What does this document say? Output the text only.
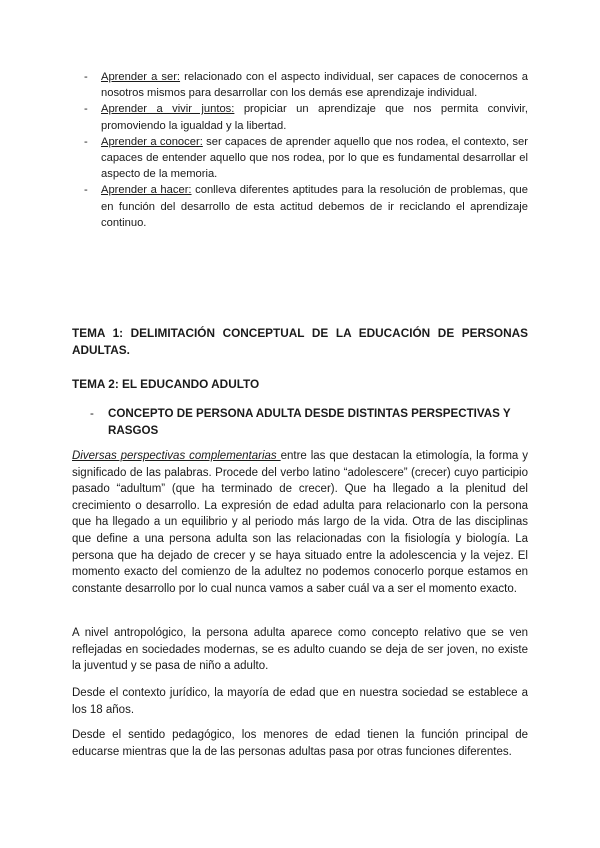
- Aprender a ser: relacionado con el aspecto individual, ser capaces de conocernos a nosotros mismos para desarrollar con los demás ese aprendizaje individual.
- Aprender a vivir juntos: propiciar un aprendizaje que nos permita convivir, promoviendo la igualdad y la libertad.
- Aprender a conocer: ser capaces de aprender aquello que nos rodea, el contexto, ser capaces de entender aquello que nos rodea, por lo que es fundamental desarrollar el aspecto de la memoria.
- Aprender a hacer: conlleva diferentes aptitudes para la resolución de problemas, que en función del desarrollo de esta actitud debemos de ir reciclando el aprendizaje continuo.
TEMA 1: DELIMITACIÓN CONCEPTUAL DE LA EDUCACIÓN DE PERSONAS ADULTAS.
TEMA 2: EL EDUCANDO ADULTO
- CONCEPTO DE PERSONA ADULTA DESDE DISTINTAS PERSPECTIVAS Y RASGOS

Diversas perspectivas complementarias entre las que destacan la etimología, la forma y significado de las palabras. Procede del verbo latino “adolescere” (crecer) cuyo participio pasado “adultum” (que ha terminado de crecer). Que ha llegado a la plenitud del crecimiento o desarrollo. La expresión de edad adulta para relacionarlo con la persona que ha llegado a un equilibrio y al periodo más largo de la vida. Otra de las disciplinas que define a una persona adulta son las relacionadas con la fisiología y biología. La persona que ha dejado de crecer y se haya situado entre la adolescencia y la vejez. El momento exacto del comienzo de la adultez no podemos conocerlo porque estamos en constante desarrollo por lo cual nunca vamos a saber cuál va a ser el momento exacto.

A nivel antropológico, la persona adulta aparece como concepto relativo que se ven reflejadas en sociedades modernas, se es adulto cuando se deja de ser joven, no existe la juventud y se pasa de niño a adulto.

Desde el contexto jurídico, la mayoría de edad que en nuestra sociedad se establece a los 18 años.

Desde el sentido pedagógico, los menores de edad tienen la función principal de educarse mientras que la de las personas adultas pasa por otras funciones diferentes.
